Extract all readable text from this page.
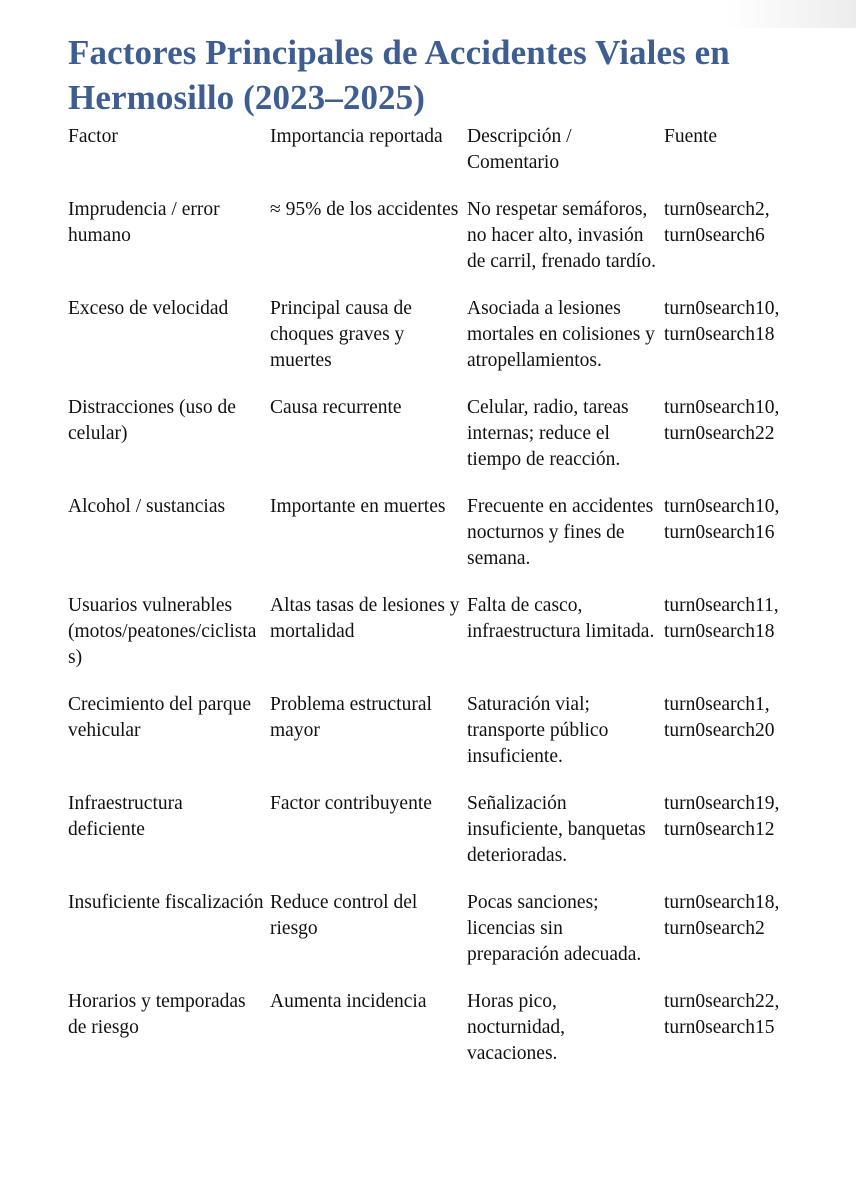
Factores Principales de Accidentes Viales en Hermosillo (2023–2025)
Factor	Importancia reportada	Descripción / Comentario	Fuente
Imprudencia / error humano	≈ 95% de los accidentes	No respetar semáforos, no hacer alto, invasión de carril, frenado tardío.	turn0search2, turn0search6
Exceso de velocidad	Principal causa de choques graves y muertes	Asociada a lesiones mortales en colisiones y atropellamientos.	turn0search10, turn0search18
Distracciones (uso de celular)	Causa recurrente	Celular, radio, tareas internas; reduce el tiempo de reacción.	turn0search10, turn0search22
Alcohol / sustancias	Importante en muertes	Frecuente en accidentes nocturnos y fines de semana.	turn0search10, turn0search16
Usuarios vulnerables (motos/peatones/ciclistas)	Altas tasas de lesiones y mortalidad	Falta de casco, infraestructura limitada.	turn0search11, turn0search18
Crecimiento del parque vehicular	Problema estructural mayor	Saturación vial; transporte público insuficiente.	turn0search1, turn0search20
Infraestructura deficiente	Factor contribuyente	Señalización insuficiente, banquetas deterioradas.	turn0search19, turn0search12
Insuficiente fiscalización	Reduce control del riesgo	Pocas sanciones; licencias sin preparación adecuada.	turn0search18, turn0search2
Horarios y temporadas de riesgo	Aumenta incidencia	Horas pico, nocturnidad, vacaciones.	turn0search22, turn0search15
